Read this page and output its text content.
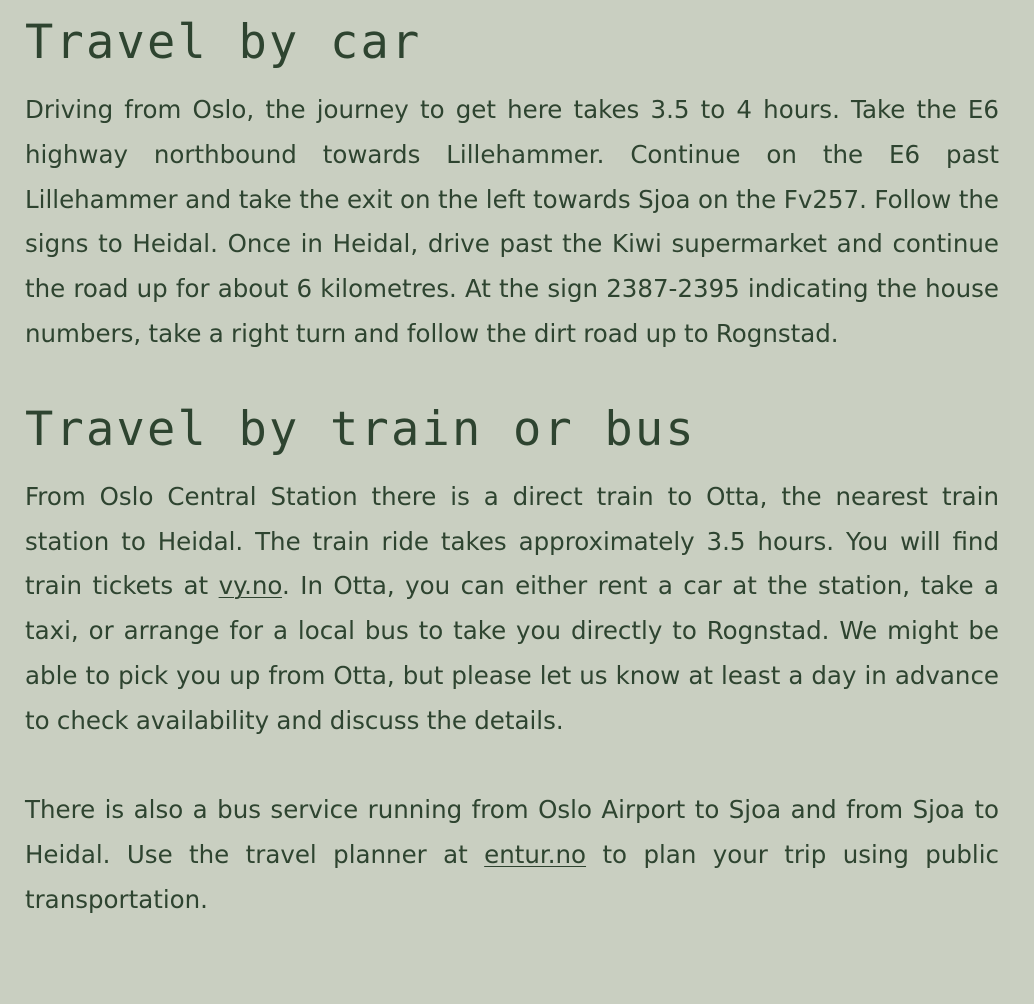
Travel by car

Driving from Oslo, the journey to get here takes 3.5 to 4 hours. Take the E6 highway northbound towards Lillehammer. Continue on the E6 past Lillehammer and take the exit on the left towards Sjoa on the Fv257. Follow the signs to Heidal. Once in Heidal, drive past the Kiwi supermarket and continue the road up for about 6 kilometres. At the sign 2387-2395 indicating the house numbers, take a right turn and follow the dirt road up to Rognstad.

Travel by train or bus

From Oslo Central Station there is a direct train to Otta, the nearest train station to Heidal. The train ride takes approximately 3.5 hours. You will find train tickets at vy.no. In Otta, you can either rent a car at the station, take a taxi, or arrange for a local bus to take you directly to Rognstad. We might be able to pick you up from Otta, but please let us know at least a day in advance to check availability and discuss the details.

There is also a bus service running from Oslo Airport to Sjoa and from Sjoa to Heidal. Use the travel planner at entur.no to plan your trip using public transportation.
